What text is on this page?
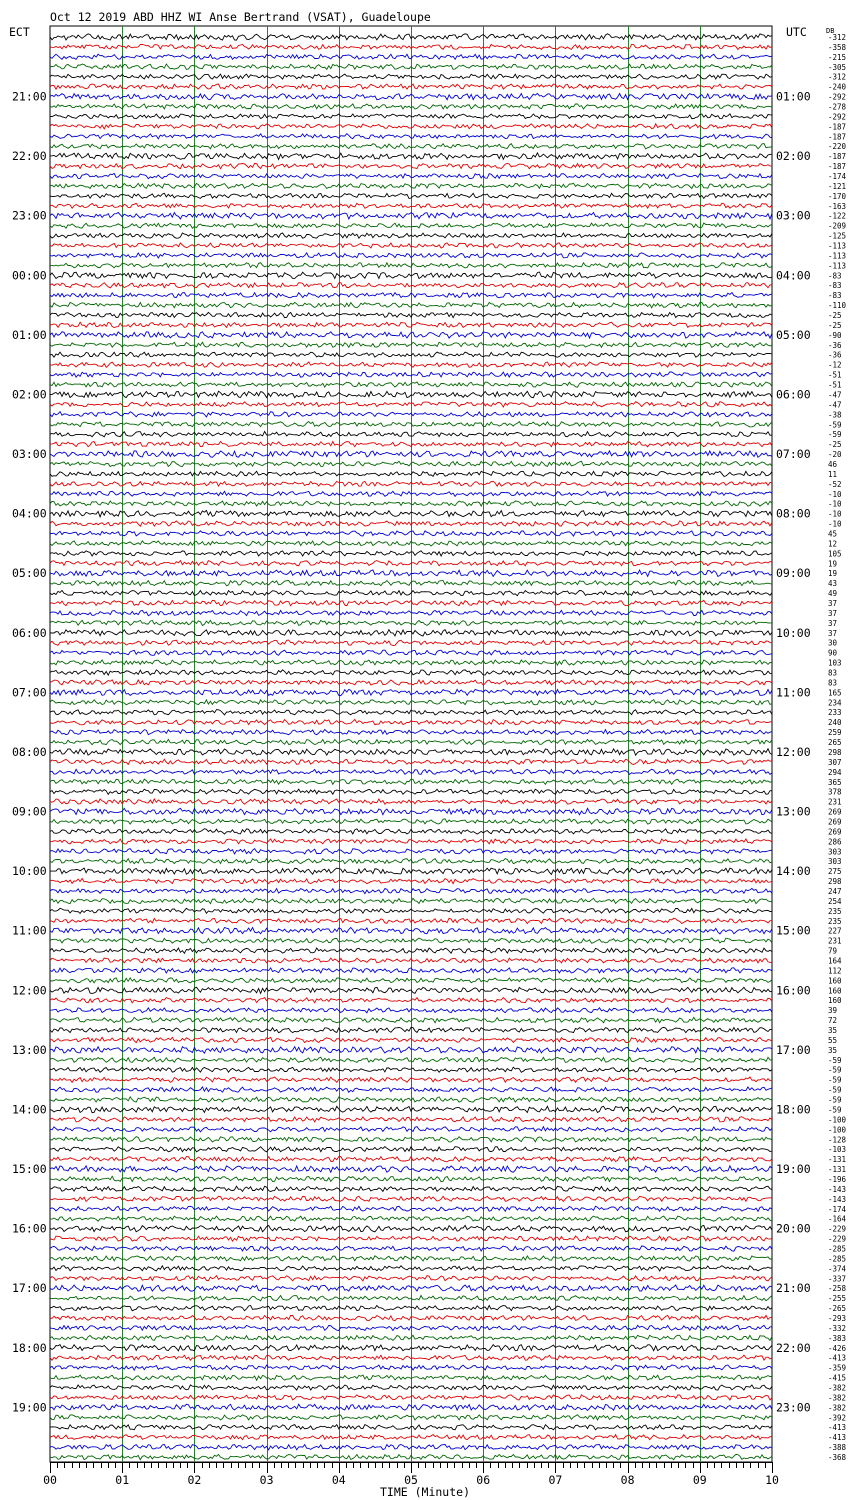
Oct 12 2019 ABD HHZ WI Anse Bertrand (VSAT), Guadeloupe
ECT	UTC	DB
TIME (Minute)
00	01	02	03	04	05	06	07	08	09	10
-312
-358
-215
-305
-312
-240
-292
-278
-292
-187
-187
-220
-187
-187
-174
-121
-170
-163
-122
-209
-125
-113
-113
-113
-83
-83
-83
-110
-25
-25
-90
-36
-36
-12
-51
-51
-47
-47
-38
-59
-59
-25
-20
46
11
-52
-10
-10
-10
-10
45
12
105
19
19
43
49
37
37
37
37
30
90
103
83
83
165
234
233
240
259
265
298
307
294
365
378
231
269
269
269
286
303
303
275
298
247
254
235
235
227
231
79
164
112
160
160
160
39
72
35
55
35
-59
-59
-59
-59
-59
-59
-100
-100
-128
-103
-131
-131
-196
-143
-143
-174
-164
-229
-229
-285
-285
-374
-337
-258
-255
-265
-293
-332
-383
-426
-413
-359
-415
-382
-382
-382
-392
-413
-413
-388
-368
21:00	01:00
22:00	02:00
23:00	03:00
00:00	04:00
01:00	05:00
02:00	06:00
03:00	07:00
04:00	08:00
05:00	09:00
06:00	10:00
07:00	11:00
08:00	12:00
09:00	13:00
10:00	14:00
11:00	15:00
12:00	16:00
13:00	17:00
14:00	18:00
15:00	19:00
16:00	20:00
17:00	21:00
18:00	22:00
19:00	23:00
